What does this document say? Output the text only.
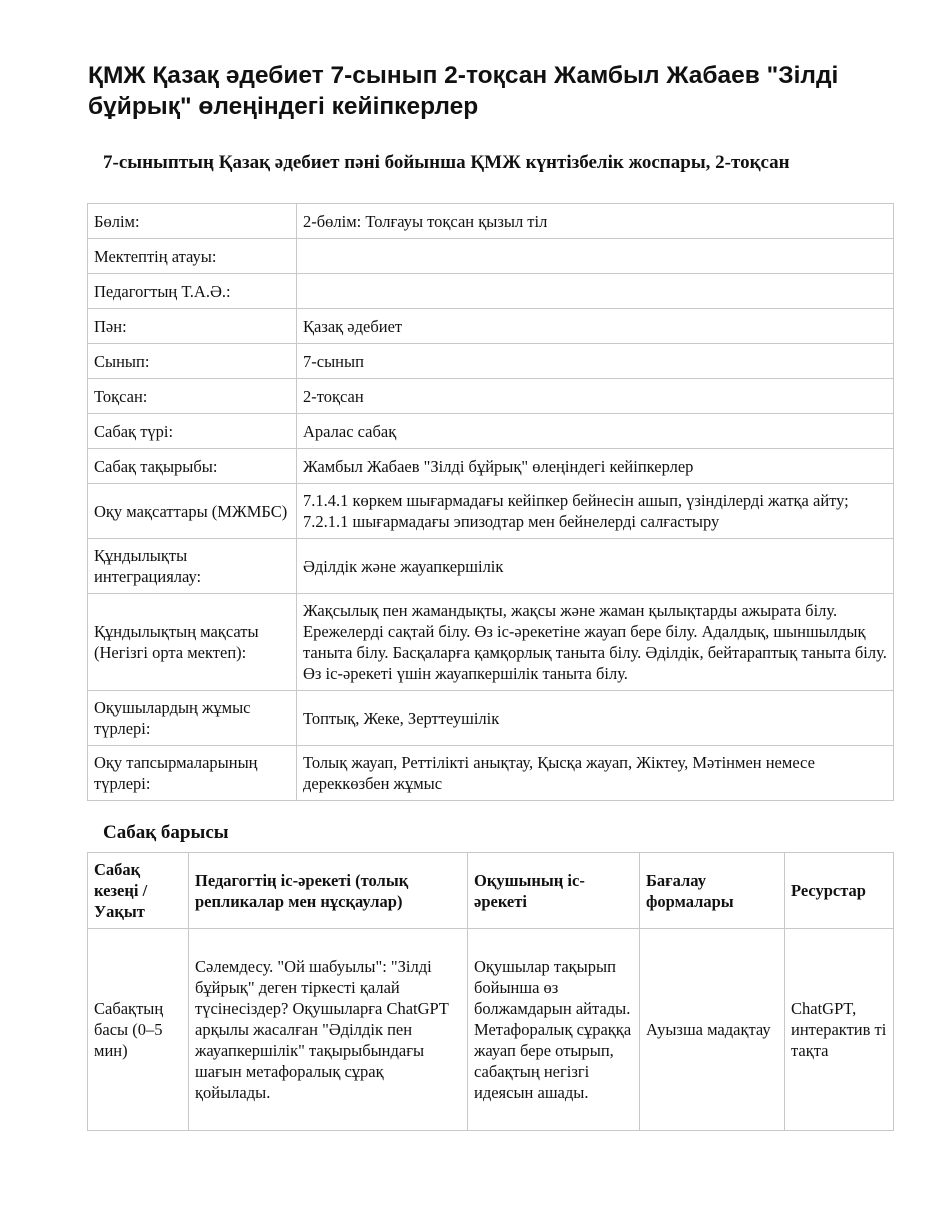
ҚМЖ Қазақ әдебиет 7-сынып 2-тоқсан Жамбыл Жабаев "Зілді бұйрық" өлеңіндегі кейіпкерлер
7-сыныптың Қазақ әдебиет пәні бойынша ҚМЖ күнтізбелік жоспары, 2-тоқсан
Бөлім:	2-бөлім: Толғауы тоқсан қызыл тіл
Мектептің атауы:	
Педагогтың Т.А.Ә.:	
Пән:	Қазақ әдебиет
Сынып:	7-сынып
Тоқсан:	2-тоқсан
Сабақ түрі:	Аралас сабақ
Сабақ тақырыбы:	Жамбыл Жабаев "Зілді бұйрық" өлеңіндегі кейіпкерлер
Оқу мақсаттары (МЖМБС)	7.1.4.1 көркем шығармадағы кейіпкер бейнесін ашып, үзінділерді жатқа айту; 7.2.1.1 шығармадағы эпизодтар мен бейнелерді салғастыру
Құндылықты интеграциялау:	Әділдік және жауапкершілік
Құндылықтың мақсаты (Негізгі орта мектеп):	Жақсылық пен жамандықты, жақсы және жаман қылықтарды ажырата білу. Ережелерді сақтай білу. Өз іс-әрекетіне жауап бере білу. Адалдық, шыншылдық таныта білу. Басқаларға қамқорлық таныта білу. Әділдік, бейтараптық таныта білу. Өз іс-әрекеті үшін жауапкершілік таныта білу.
Оқушылардың жұмыс түрлері:	Топтық, Жеке, Зерттеушілік
Оқу тапсырмаларының түрлері:	Толық жауап, Реттілікті анықтау, Қысқа жауап, Жіктеу, Мәтінмен немесе дереккөзбен жұмыс
Сабақ барысы
Сабақ кезеңі / Уақыт	Педагогтің іс-әрекеті (толық репликалар мен нұсқаулар)	Оқушының іс-әрекеті	Бағалау формалары	Ресурстар
Сабақтың басы (0–5 мин)	Сәлемдесу. "Ой шабуылы": "Зілді бұйрық" деген тіркесті қалай түсінесіздер? Оқушыларға ChatGPT арқылы жасалған "Әділдік пен жауапкершілік" тақырыбындағы шағын метафоралық сұрақ қойылады.	Оқушылар тақырып бойынша өз болжамдарын айтады. Метафоралық сұраққа жауап бере отырып, сабақтың негізгі идеясын ашады.	Ауызша мадақтау	ChatGPT, интерактив ті тақта
